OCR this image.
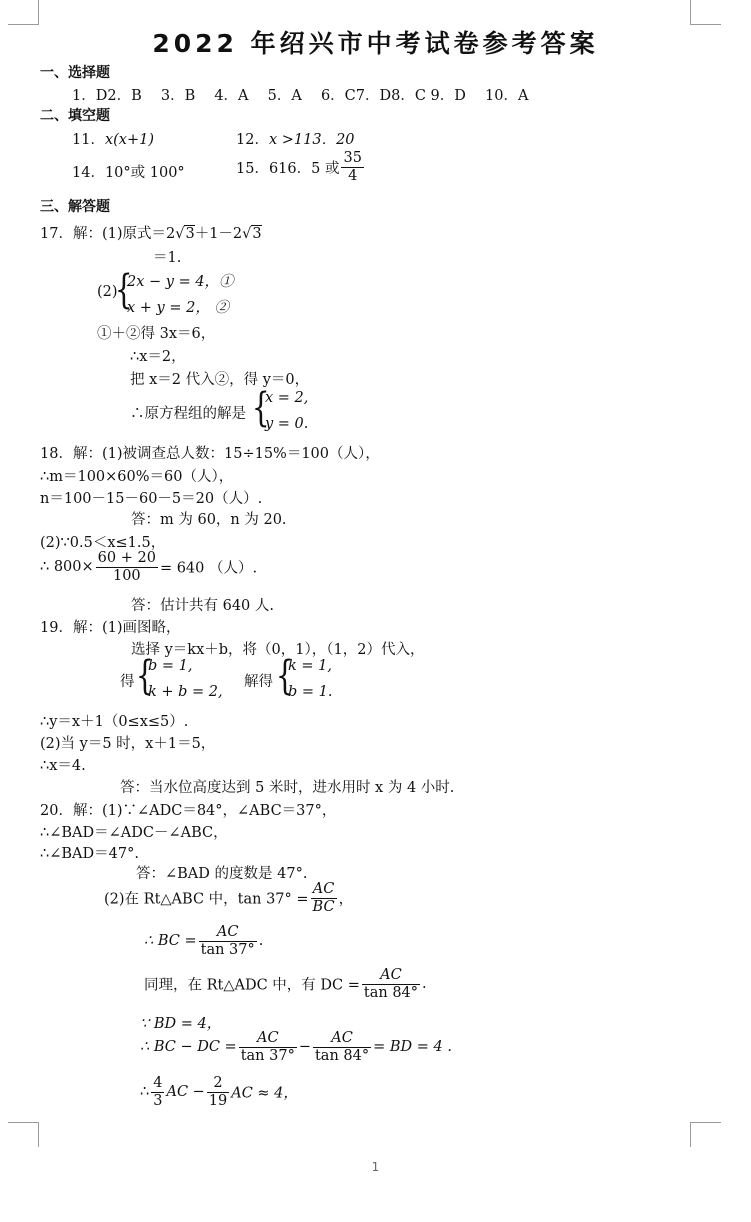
2022 年绍兴市中考试卷参考答案
一、选择题
1．D2．B　 3．B　 4．A　 5．A　 6．C7．D8．C 9．D　 10．A
二、填空题
11．x(x+1)	12．x >113．20
14．10°或 100°	15．616．5 或 $\frac{35}{4}$
三、解答题
17．解：(1)原式＝2√3＋1－2√3
＝1.
(2)
{
2x − y = 4，①
x + y = 2， ②
①＋②得 3x＝6，
∴x＝2，
把 x＝2 代入②，得 y＝0，
∴原方程组的解是 {
x = 2,
y = 0.
18．解：(1)被调查总人数：15÷15%＝100（人），
∴m＝100×60%＝60（人），
n＝100－15－60－5＝20（人）.
答：m 为 60，n 为 20.
(2)∵0.5＜x≤1.5，
∴ $800\times \frac{60 + 20}{100} = 640$ （人）.
答：估计共有 640 人.
19．解：(1)画图略，
选择 y＝kx＋b，将（0，1），（1，2）代入，
得 {
b = 1,
k + b = 2,
解得 {
k = 1,
b = 1.
∴y＝x＋1（0≤x≤5）.
(2)当 y＝5 时，x＋1＝5，
∴x＝4.
答：当水位高度达到 5 米时，进水用时 x 为 4 小时.
20．解：(1)∵∠ADC＝84°，∠ABC＝37°，
∴∠BAD＝∠ADC－∠ABC，
∴∠BAD＝47°.
答：∠BAD 的度数是 47°.
(2)在 Rt△ABC 中，$\tan 37^\circ = \frac{AC}{BC}$ ，
∴ BC = $\frac{AC}{\tan 37^\circ}$ .
同理，在 Rt△ADC 中，有 DC = $\frac{AC}{\tan 84^\circ}$ .
∵ BD = 4，
∴ BC − DC = $\frac{AC}{\tan 37^\circ} - \frac{AC}{\tan 84^\circ}$ = BD = 4 .
∴ $\frac{4}{3}$ AC − $\frac{2}{19}$ AC ≈ 4，
1
